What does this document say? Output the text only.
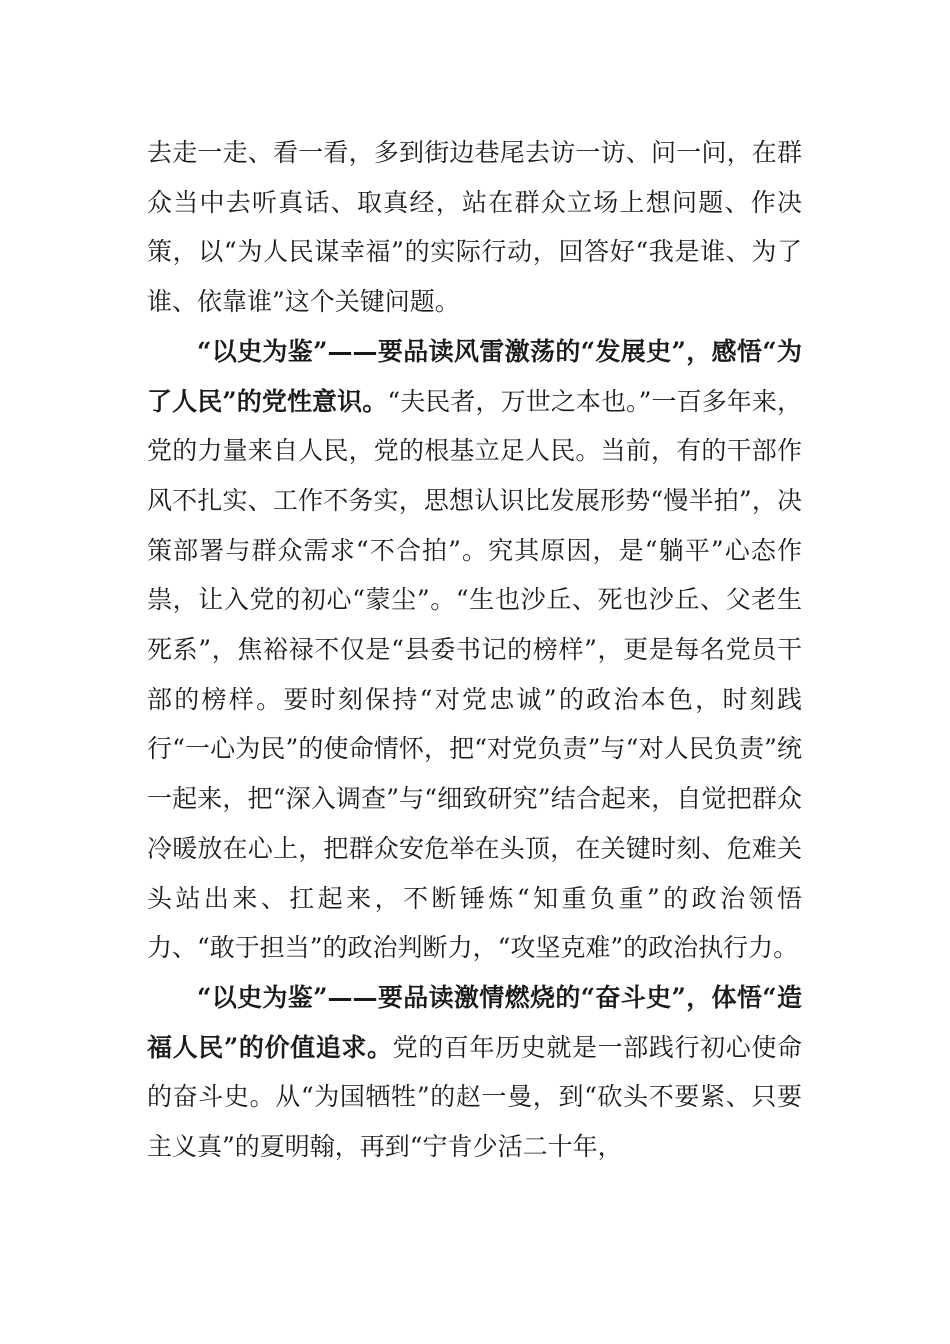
去走一走、看一看，多到街边巷尾去访一访、问一问，在群众当中去听真话、取真经，站在群众立场上想问题、作决策，以“为人民谋幸福”的实际行动，回答好“我是谁、为了谁、依靠谁”这个关键问题。

“以史为鉴”——要品读风雷激荡的“发展史”，感悟“为了人民”的党性意识。“夫民者，万世之本也。”一百多年来，党的力量来自人民，党的根基立足人民。当前，有的干部作风不扎实、工作不务实，思想认识比发展形势“慢半拍”，决策部署与群众需求“不合拍”。究其原因，是“躺平”心态作祟，让入党的初心“蒙尘”。“生也沙丘、死也沙丘、父老生死系”，焦裕禄不仅是“县委书记的榜样”，更是每名党员干部的榜样。要时刻保持“对党忠诚”的政治本色，时刻践行“一心为民”的使命情怀，把“对党负责”与“对人民负责”统一起来，把“深入调查”与“细致研究”结合起来，自觉把群众冷暖放在心上，把群众安危举在头顶，在关键时刻、危难关头站出来、扛起来，不断锤炼“知重负重”的政治领悟力、“敢于担当”的政治判断力，“攻坚克难”的政治执行力。

“以史为鉴”——要品读激情燃烧的“奋斗史”，体悟“造福人民”的价值追求。党的百年历史就是一部践行初心使命的奋斗史。从“为国牺牲”的赵一曼，到“砍头不要紧、只要主义真”的夏明翰，再到“宁肯少活二十年，
